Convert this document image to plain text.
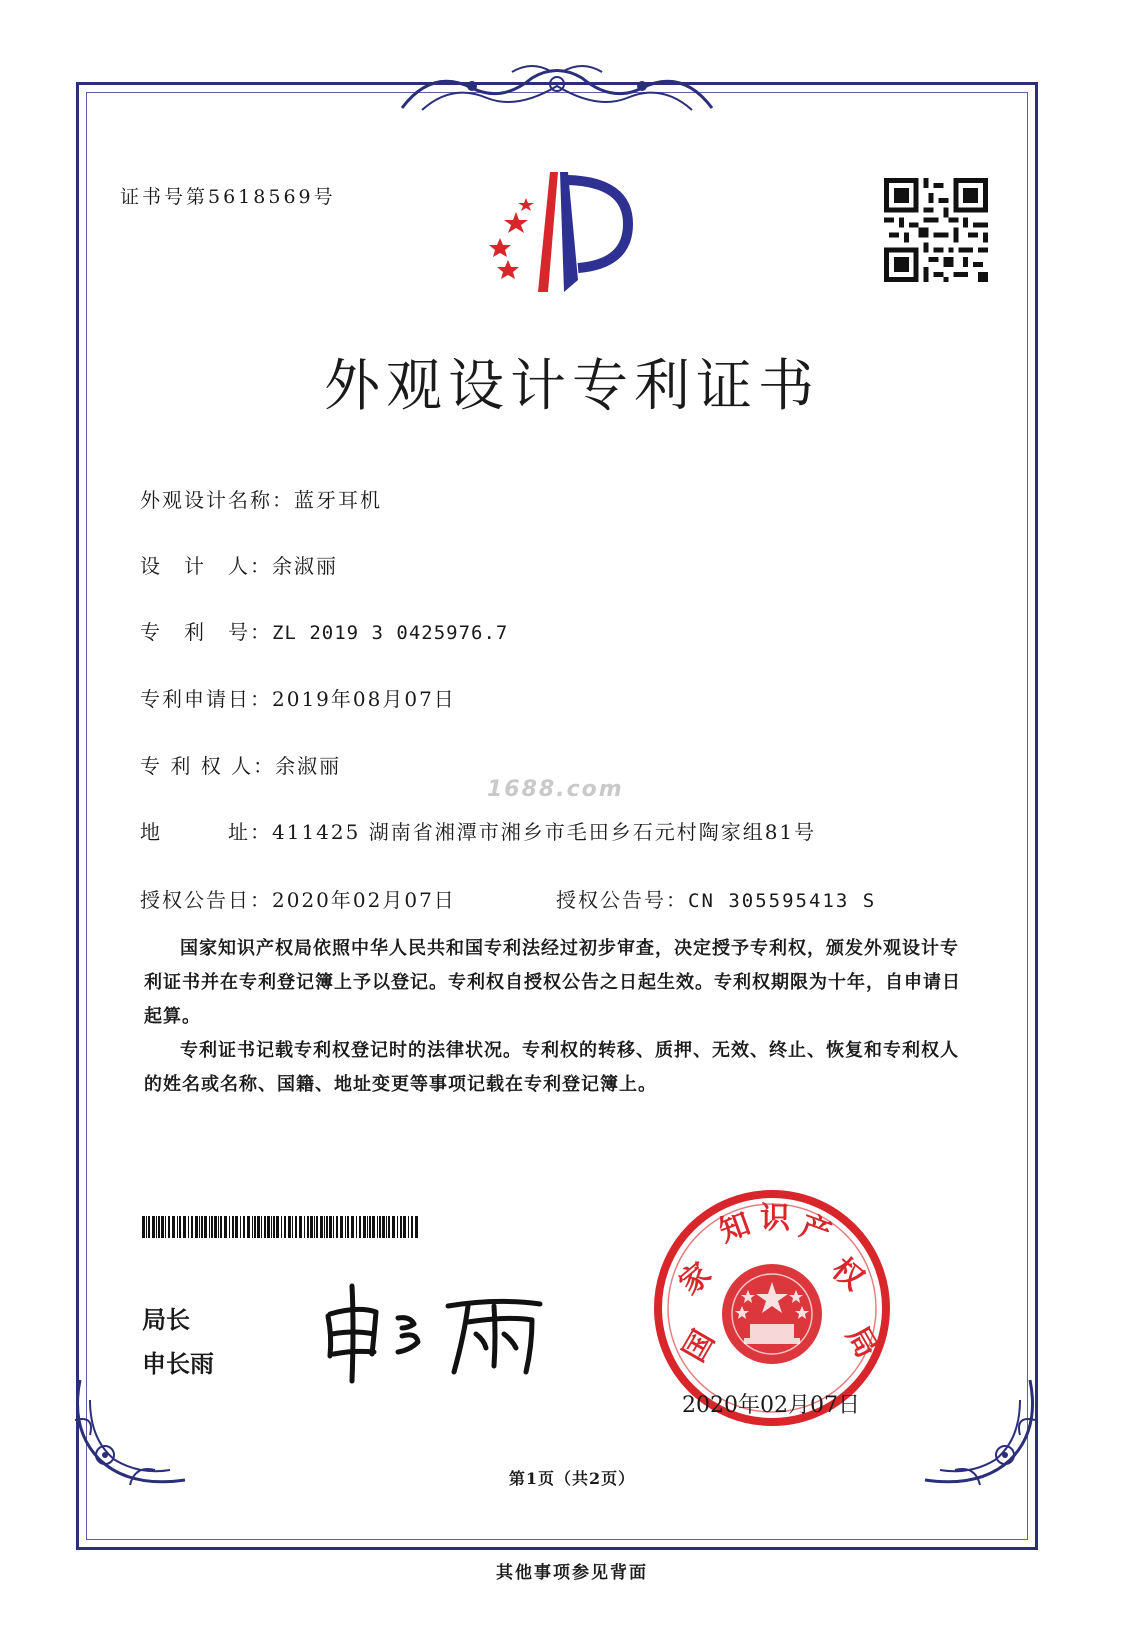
证书号第5618569号
外观设计专利证书
外观设计名称：蓝牙耳机
设　计　人：余淑丽
专　利　号：ZL 2019 3 0425976.7
专利申请日：2019年08月07日
专 利 权 人：余淑丽
地　　　址：411425 湖南省湘潭市湘乡市毛田乡石元村陶家组81号
授权公告日：2020年02月07日	授权公告号：CN 305595413 S
1688.com

国家知识产权局依照中华人民共和国专利法经过初步审查，决定授予专利权，颁发外观设计专利证书并在专利登记簿上予以登记。专利权自授权公告之日起生效。专利权期限为十年，自申请日起算。

专利证书记载专利权登记时的法律状况。专利权的转移、质押、无效、终止、恢复和专利权人的姓名或名称、国籍、地址变更等事项记载在专利登记簿上。

局长
申长雨	国
家
知 识 产
权
局
2020年02月07日
第1页（共2页）
其他事项参见背面
